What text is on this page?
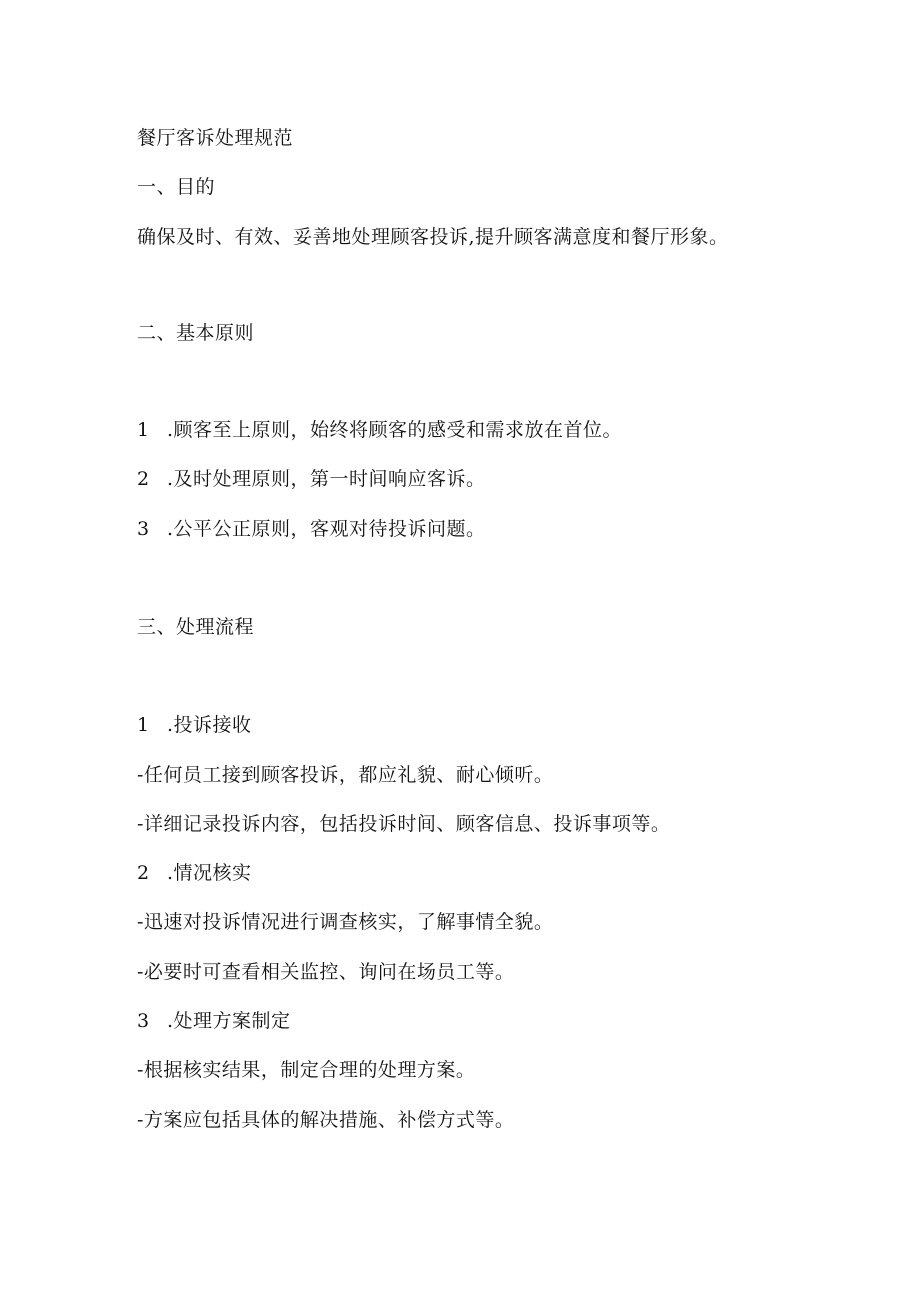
餐厅客诉处理规范
一、目的
确保及时、有效、妥善地处理顾客投诉,提升顾客满意度和餐厅形象。
二、基本原则
1 .顾客至上原则，始终将顾客的感受和需求放在首位。
2 .及时处理原则，第一时间响应客诉。
3 .公平公正原则，客观对待投诉问题。
三、处理流程
1 .投诉接收
-任何员工接到顾客投诉，都应礼貌、耐心倾听。
-详细记录投诉内容，包括投诉时间、顾客信息、投诉事项等。
2 .情况核实
-迅速对投诉情况进行调查核实，了解事情全貌。
-必要时可查看相关监控、询问在场员工等。
3 .处理方案制定
-根据核实结果，制定合理的处理方案。
-方案应包括具体的解决措施、补偿方式等。
